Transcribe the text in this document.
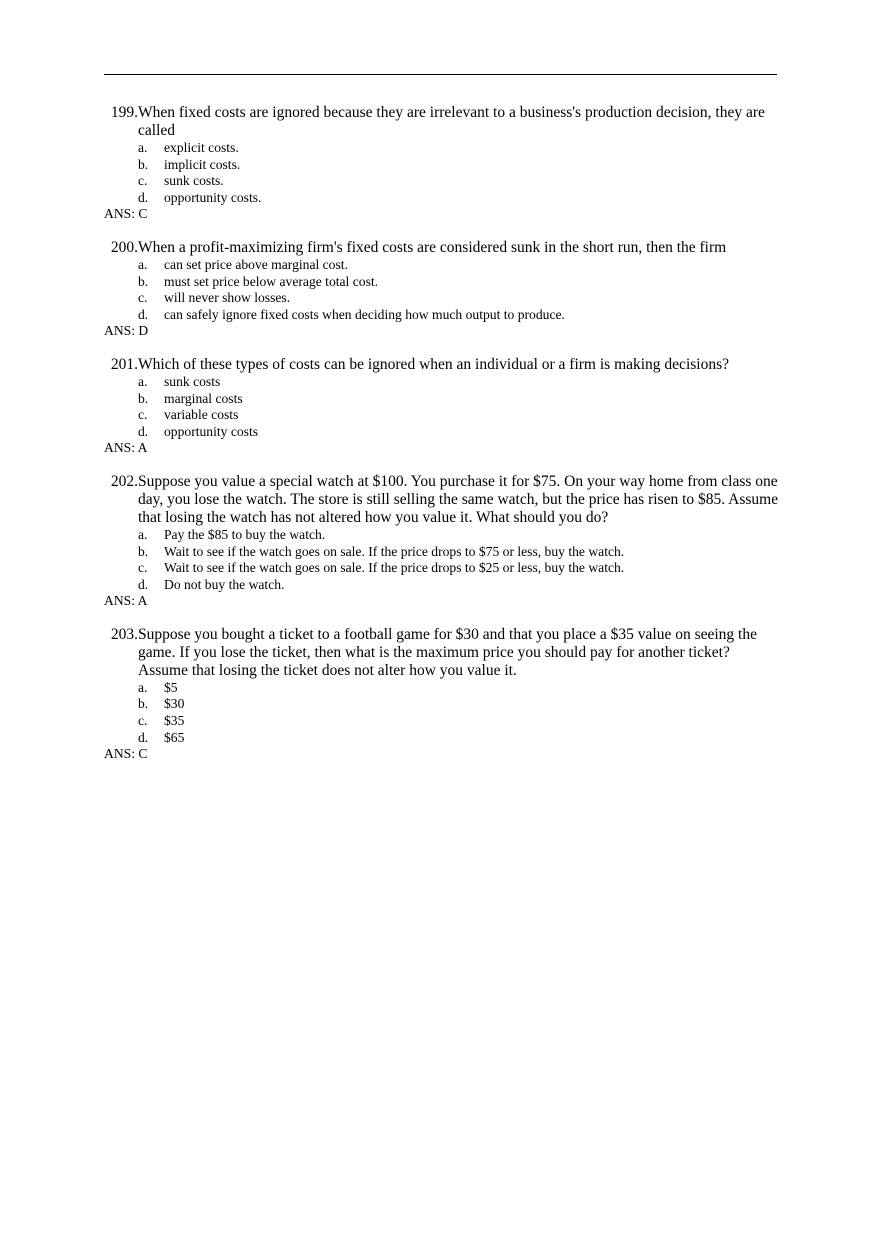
199. When fixed costs are ignored because they are irrelevant to a business's production decision, they are called
a.	explicit costs.
b.	implicit costs.
c.	sunk costs.
d.	opportunity costs.
ANS: C
200. When a profit-maximizing firm's fixed costs are considered sunk in the short run, then the firm
a.	can set price above marginal cost.
b.	must set price below average total cost.
c.	will never show losses.
d.	can safely ignore fixed costs when deciding how much output to produce.
ANS: D
201. Which of these types of costs can be ignored when an individual or a firm is making decisions?
a.	sunk costs
b.	marginal costs
c.	variable costs
d.	opportunity costs
ANS: A
202. Suppose you value a special watch at $100. You purchase it for $75. On your way home from class one day, you lose the watch. The store is still selling the same watch, but the price has risen to $85. Assume that losing the watch has not altered how you value it. What should you do?
a.	Pay the $85 to buy the watch.
b.	Wait to see if the watch goes on sale. If the price drops to $75 or less, buy the watch.
c.	Wait to see if the watch goes on sale. If the price drops to $25 or less, buy the watch.
d.	Do not buy the watch.
ANS: A
203. Suppose you bought a ticket to a football game for $30 and that you place a $35 value on seeing the game. If you lose the ticket, then what is the maximum price you should pay for another ticket? Assume that losing the ticket does not alter how you value it.
a.	$5
b.	$30
c.	$35
d.	$65
ANS: C
